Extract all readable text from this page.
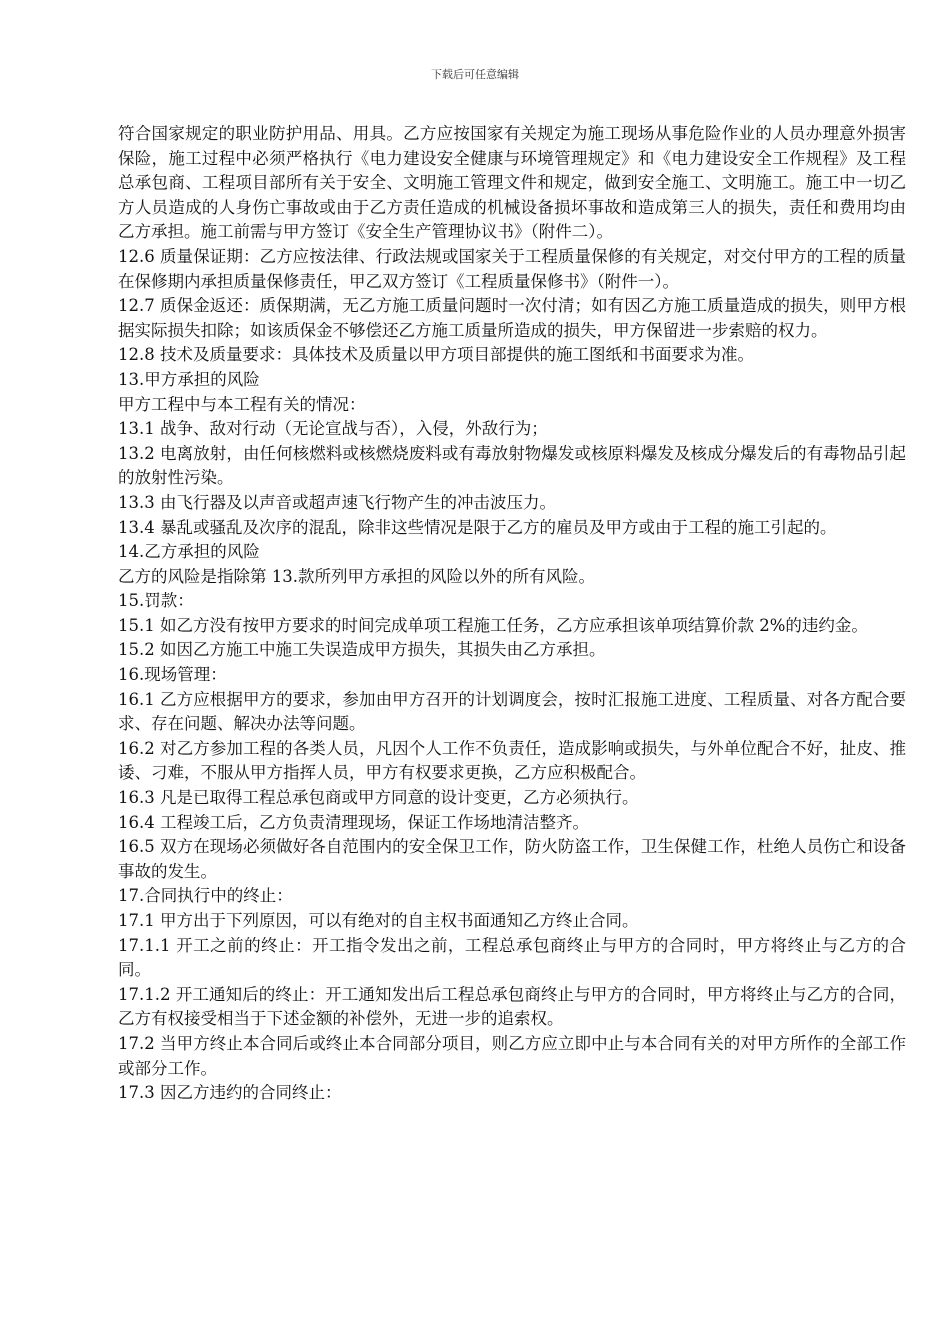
下载后可任意编辑

符合国家规定的职业防护用品、用具。乙方应按国家有关规定为施工现场从事危险作业的人员办理意外损害保险，施工过程中必须严格执行《电力建设安全健康与环境管理规定》和《电力建设安全工作规程》及工程总承包商、工程项目部所有关于安全、文明施工管理文件和规定，做到安全施工、文明施工。施工中一切乙方人员造成的人身伤亡事故或由于乙方责任造成的机械设备损坏事故和造成第三人的损失，责任和费用均由乙方承担。施工前需与甲方签订《安全生产管理协议书》（附件二）。

12.6 质量保证期：乙方应按法律、行政法规或国家关于工程质量保修的有关规定，对交付甲方的工程的质量在保修期内承担质量保修责任，甲乙双方签订《工程质量保修书》（附件一）。

12.7 质保金返还：质保期满，无乙方施工质量问题时一次付清；如有因乙方施工质量造成的损失，则甲方根据实际损失扣除；如该质保金不够偿还乙方施工质量所造成的损失，甲方保留进一步索赔的权力。

12.8 技术及质量要求：具体技术及质量以甲方项目部提供的施工图纸和书面要求为准。

13.甲方承担的风险

甲方工程中与本工程有关的情况：

13.1 战争、敌对行动（无论宣战与否），入侵，外敌行为；

13.2 电离放射，由任何核燃料或核燃烧废料或有毒放射物爆发或核原料爆发及核成分爆发后的有毒物品引起的放射性污染。

13.3 由飞行器及以声音或超声速飞行物产生的冲击波压力。

13.4 暴乱或骚乱及次序的混乱，除非这些情况是限于乙方的雇员及甲方或由于工程的施工引起的。

14.乙方承担的风险

乙方的风险是指除第 13.款所列甲方承担的风险以外的所有风险。

15.罚款：

15.1 如乙方没有按甲方要求的时间完成单项工程施工任务，乙方应承担该单项结算价款 2%的违约金。

15.2 如因乙方施工中施工失误造成甲方损失，其损失由乙方承担。

16.现场管理：

16.1 乙方应根据甲方的要求，参加由甲方召开的计划调度会，按时汇报施工进度、工程质量、对各方配合要求、存在问题、解决办法等问题。

16.2 对乙方参加工程的各类人员，凡因个人工作不负责任，造成影响或损失，与外单位配合不好，扯皮、推诿、刁难，不服从甲方指挥人员，甲方有权要求更换，乙方应积极配合。

16.3 凡是已取得工程总承包商或甲方同意的设计变更，乙方必须执行。

16.4 工程竣工后，乙方负责清理现场，保证工作场地清洁整齐。

16.5 双方在现场必须做好各自范围内的安全保卫工作，防火防盗工作，卫生保健工作，杜绝人员伤亡和设备事故的发生。

17.合同执行中的终止：

17.1 甲方出于下列原因，可以有绝对的自主权书面通知乙方终止合同。

17.1.1 开工之前的终止：开工指令发出之前，工程总承包商终止与甲方的合同时，甲方将终止与乙方的合同。

17.1.2 开工通知后的终止：开工通知发出后工程总承包商终止与甲方的合同时，甲方将终止与乙方的合同，乙方有权接受相当于下述金额的补偿外，无进一步的追索权。

17.2 当甲方终止本合同后或终止本合同部分项目，则乙方应立即中止与本合同有关的对甲方所作的全部工作或部分工作。

17.3 因乙方违约的合同终止：
